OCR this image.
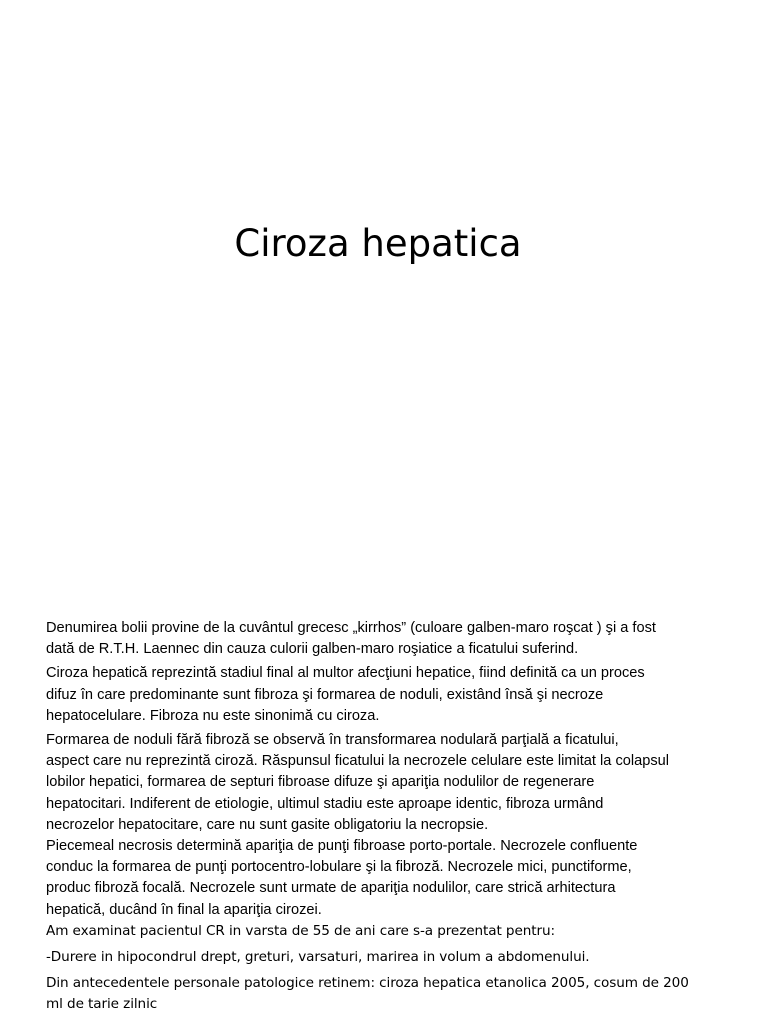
Ciroza hepatica

Denumirea bolii provine de la cuvântul grecesc „kirrhos” (culoare galben-maro roşcat ) şi a fost

dată de R.T.H. Laennec din cauza culorii galben-maro roşiatice a ficatului suferind.

Ciroza hepatică reprezintă stadiul final al multor afecţiuni hepatice, fiind definită ca un proces

difuz în care predominante sunt fibroza şi formarea de noduli, existând însă şi necroze

hepatocelulare. Fibroza nu este sinonimă cu ciroza.

Formarea de noduli fără fibroză se observă în transformarea nodulară parţială a ficatului,

aspect care nu reprezintă ciroză. Răspunsul ficatului la necrozele celulare este limitat la colapsul

lobilor hepatici, formarea de septuri fibroase difuze şi apariţia nodulilor de regenerare

hepatocitari. Indiferent de etiologie, ultimul stadiu este aproape identic, fibroza urmând

necrozelor hepatocitare, care nu sunt gasite obligatoriu la necropsie.

Piecemeal necrosis determină apariţia de punţi fibroase porto-portale. Necrozele confluente

conduc la formarea de punţi portocentro-lobulare şi la fibroză. Necrozele mici, punctiforme,

produc fibroză focală. Necrozele sunt urmate de apariţia nodulilor, care strică arhitectura

hepatică, ducând în final la apariţia cirozei.

Am examinat pacientul CR in varsta de 55 de ani care s-a prezentat pentru:

-Durere in hipocondrul drept, greturi, varsaturi, marirea in volum a abdomenului.

Din antecedentele personale patologice retinem: ciroza hepatica etanolica 2005, cosum de 200

ml de tarie zilnic
